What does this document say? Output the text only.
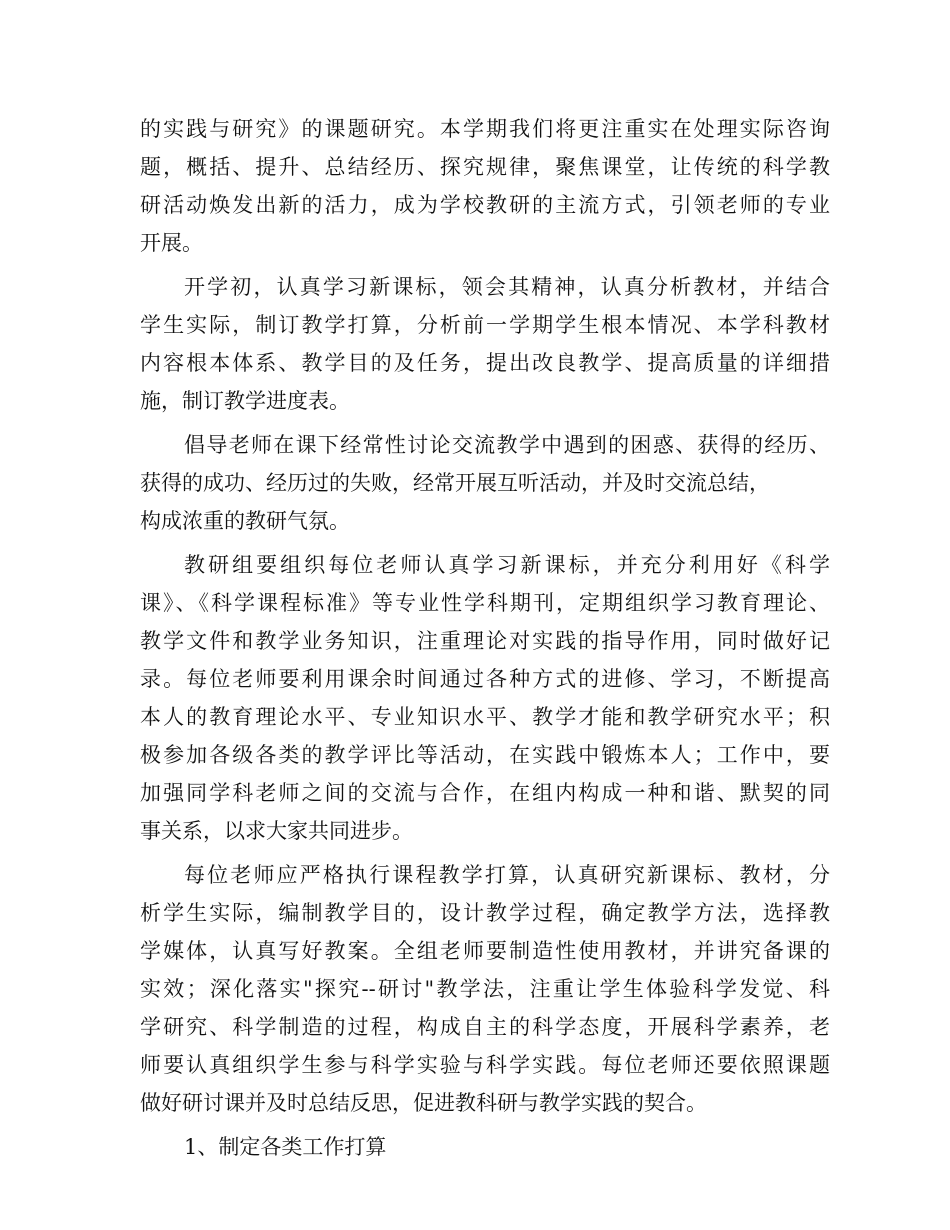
的实践与研究》的课题研究。本学期我们将更注重实在处理实际咨询
题，概括、提升、总结经历、探究规律，聚焦课堂，让传统的科学教
研活动焕发出新的活力，成为学校教研的主流方式，引领老师的专业
开展。
开学初，认真学习新课标，领会其精神，认真分析教材，并结合
学生实际，制订教学打算，分析前一学期学生根本情况、本学科教材
内容根本体系、教学目的及任务，提出改良教学、提高质量的详细措
施，制订教学进度表。
倡导老师在课下经常性讨论交流教学中遇到的困惑、获得的经历、
获得的成功、经历过的失败，经常开展互听活动，并及时交流总结，
构成浓重的教研气氛。
教研组要组织每位老师认真学习新课标，并充分利用好《科学
课》、《科学课程标准》等专业性学科期刊，定期组织学习教育理论、
教学文件和教学业务知识，注重理论对实践的指导作用，同时做好记
录。每位老师要利用课余时间通过各种方式的进修、学习，不断提高
本人的教育理论水平、专业知识水平、教学才能和教学研究水平；积
极参加各级各类的教学评比等活动，在实践中锻炼本人；工作中，要
加强同学科老师之间的交流与合作，在组内构成一种和谐、默契的同
事关系，以求大家共同进步。
每位老师应严格执行课程教学打算，认真研究新课标、教材，分
析学生实际，编制教学目的，设计教学过程，确定教学方法，选择教
学媒体，认真写好教案。全组老师要制造性使用教材，并讲究备课的
实效；深化落实"探究--研讨"教学法，注重让学生体验科学发觉、科
学研究、科学制造的过程，构成自主的科学态度，开展科学素养，老
师要认真组织学生参与科学实验与科学实践。每位老师还要依照课题
做好研讨课并及时总结反思，促进教科研与教学实践的契合。
1、制定各类工作打算
